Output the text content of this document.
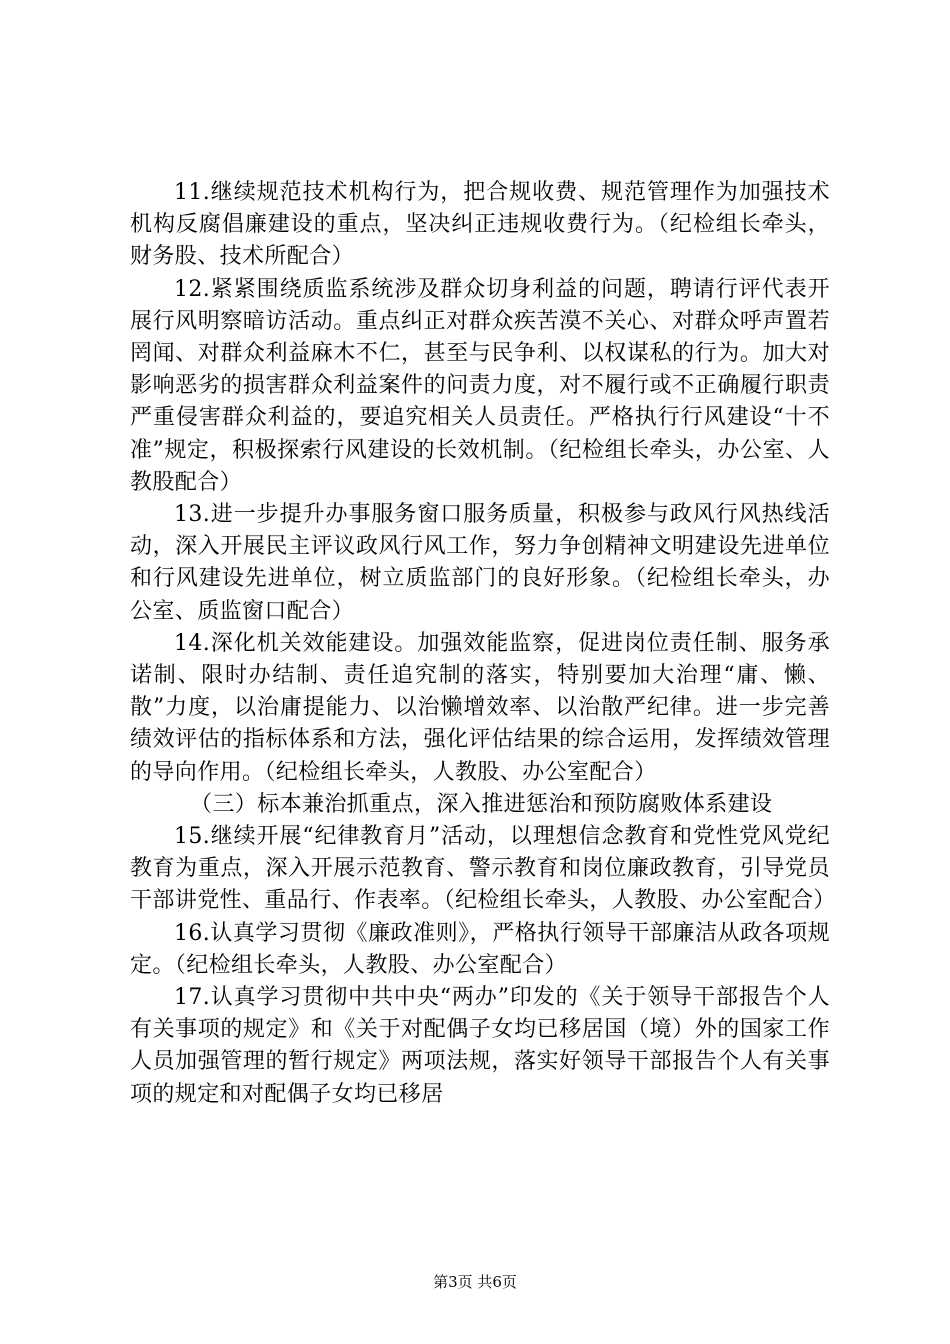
11.继续规范技术机构行为，把合规收费、规范管理作为加强技术机构反腐倡廉建设的重点，坚决纠正违规收费行为。（纪检组长牵头，财务股、技术所配合）

12.紧紧围绕质监系统涉及群众切身利益的问题，聘请行评代表开展行风明察暗访活动。重点纠正对群众疾苦漠不关心、对群众呼声置若罔闻、对群众利益麻木不仁，甚至与民争利、以权谋私的行为。加大对影响恶劣的损害群众利益案件的问责力度，对不履行或不正确履行职责严重侵害群众利益的，要追究相关人员责任。严格执行行风建设“十不准”规定，积极探索行风建设的长效机制。（纪检组长牵头，办公室、人教股配合）

13.进一步提升办事服务窗口服务质量，积极参与政风行风热线活动，深入开展民主评议政风行风工作，努力争创精神文明建设先进单位和行风建设先进单位，树立质监部门的良好形象。（纪检组长牵头，办公室、质监窗口配合）

14.深化机关效能建设。加强效能监察，促进岗位责任制、服务承诺制、限时办结制、责任追究制的落实，特别要加大治理“庸、懒、散”力度，以治庸提能力、以治懒增效率、以治散严纪律。进一步完善绩效评估的指标体系和方法，强化评估结果的综合运用，发挥绩效管理的导向作用。（纪检组长牵头，人教股、办公室配合）

（三）标本兼治抓重点，深入推进惩治和预防腐败体系建设

15.继续开展“纪律教育月”活动，以理想信念教育和党性党风党纪教育为重点，深入开展示范教育、警示教育和岗位廉政教育，引导党员干部讲党性、重品行、作表率。（纪检组长牵头，人教股、办公室配合）

16.认真学习贯彻《廉政准则》，严格执行领导干部廉洁从政各项规定。（纪检组长牵头，人教股、办公室配合）

17.认真学习贯彻中共中央“两办”印发的《关于领导干部报告个人有关事项的规定》和《关于对配偶子女均已移居国（境）外的国家工作人员加强管理的暂行规定》两项法规，落实好领导干部报告个人有关事项的规定和对配偶子女均已移居

第3页 共6页
